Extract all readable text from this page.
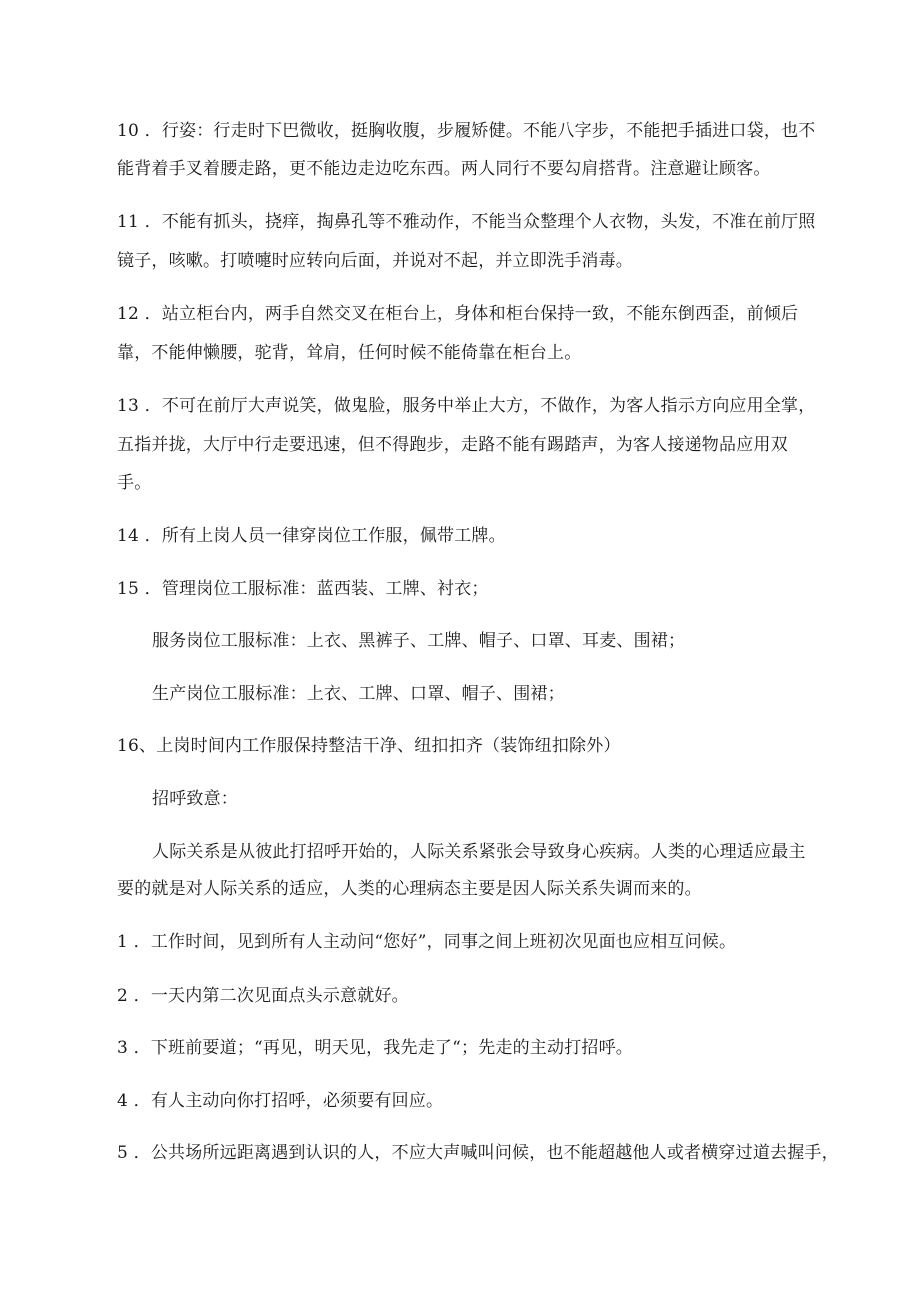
10 ．行姿：行走时下巴微收，挺胸收腹，步履矫健。不能八字步，不能把手插进口袋，也不
能背着手叉着腰走路，更不能边走边吃东西。两人同行不要勾肩搭背。注意避让顾客。
11 ．不能有抓头，挠痒，掏鼻孔等不雅动作，不能当众整理个人衣物，头发，不准在前厅照
镜子，咳嗽。打喷嚏时应转向后面，并说对不起，并立即洗手消毒。
12 ．站立柜台内，两手自然交叉在柜台上，身体和柜台保持一致，不能东倒西歪，前倾后
靠，不能伸懒腰，驼背，耸肩，任何时候不能倚靠在柜台上。
13 ．不可在前厅大声说笑，做鬼脸，服务中举止大方，不做作，为客人指示方向应用全掌，
五指并拢，大厅中行走要迅速，但不得跑步，走路不能有踢踏声，为客人接递物品应用双
手。
14 ．所有上岗人员一律穿岗位工作服，佩带工牌。
15 ．管理岗位工服标准：蓝西装、工牌、衬衣；
服务岗位工服标准：上衣、黑裤子、工牌、帽子、口罩、耳麦、围裙；
生产岗位工服标准：上衣、工牌、口罩、帽子、围裙；
16、上岗时间内工作服保持整洁干净、纽扣扣齐（装饰纽扣除外）
招呼致意：
人际关系是从彼此打招呼开始的，人际关系紧张会导致身心疾病。人类的心理适应最主
要的就是对人际关系的适应，人类的心理病态主要是因人际关系失调而来的。
1 ．工作时间，见到所有人主动问“您好”，同事之间上班初次见面也应相互问候。
2 ．一天内第二次见面点头示意就好。
3 ．下班前要道；“再见，明天见，我先走了“；先走的主动打招呼。
4 ．有人主动向你打招呼，必须要有回应。
5 ．公共场所远距离遇到认识的人，不应大声喊叫问候，也不能超越他人或者横穿过道去握手，
